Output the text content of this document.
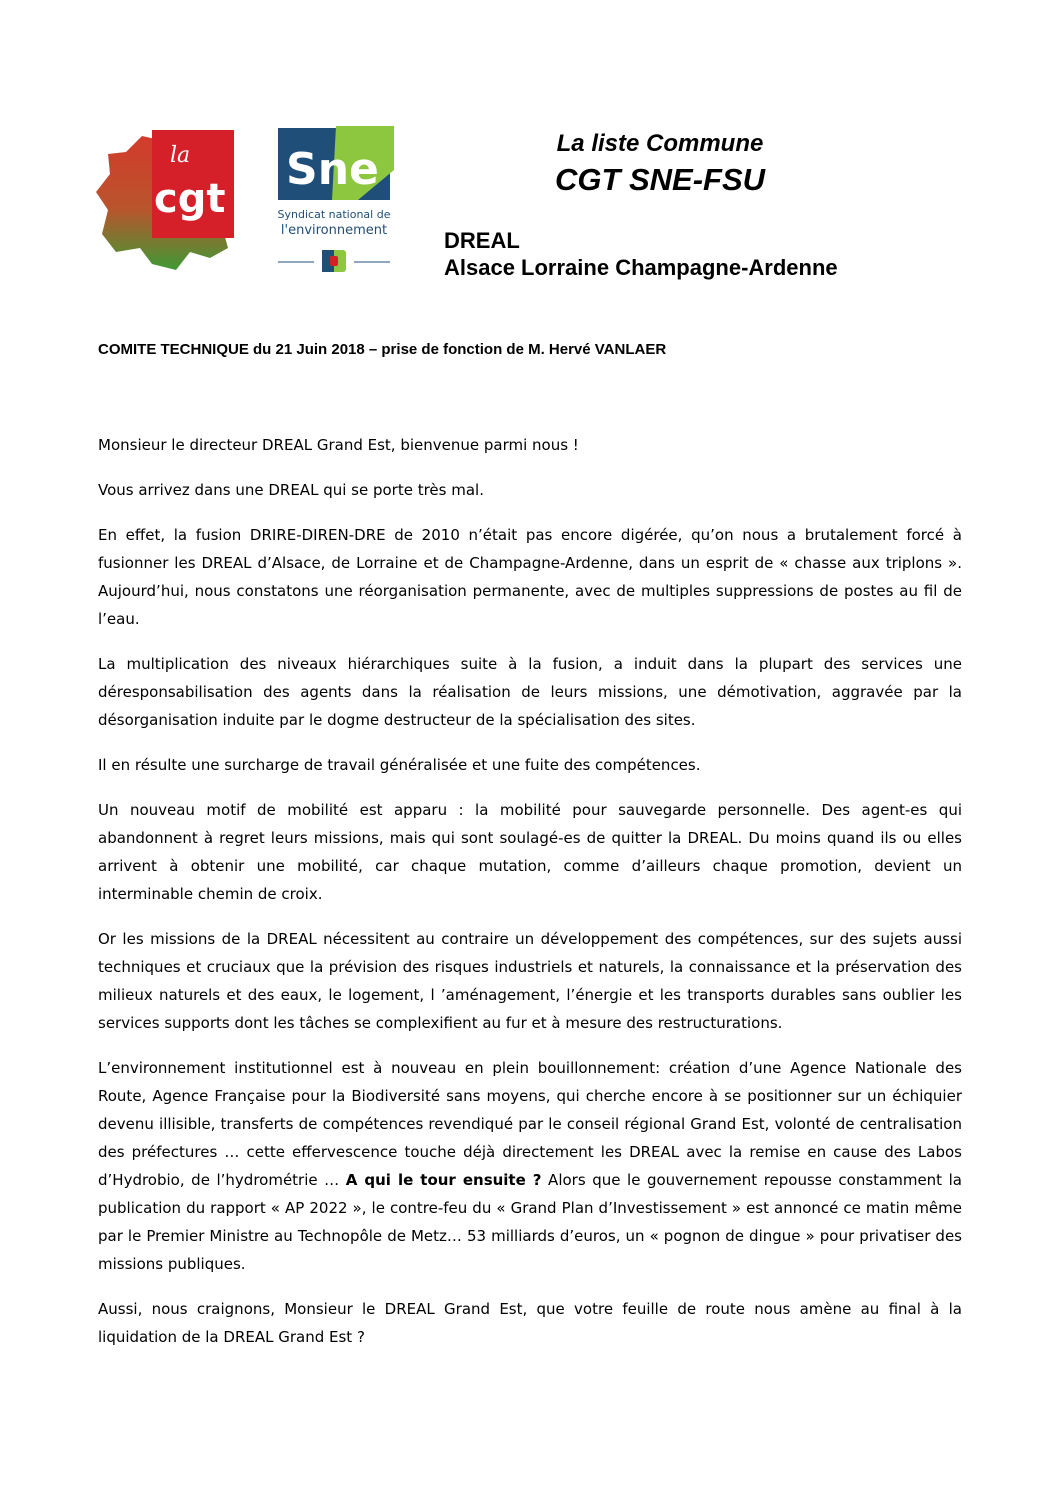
la
cgt
Sne
Syndicat national de
l'environnement
La liste Commune
CGT SNE-FSU
DREAL
Alsace Lorraine Champagne-Ardenne
COMITE TECHNIQUE du 21 Juin 2018 – prise de fonction de M. Hervé VANLAER

Monsieur le directeur DREAL Grand Est, bienvenue parmi nous !

Vous arrivez dans une DREAL qui se porte très mal.

En effet, la fusion DRIRE-DIREN-DRE de 2010 n’était pas encore digérée, qu’on nous a brutalement forcé à fusionner les DREAL d’Alsace, de Lorraine et de Champagne-Ardenne, dans un esprit de « chasse aux triplons ». Aujourd’hui, nous constatons une réorganisation permanente, avec de multiples suppressions de postes au fil de l’eau.

La multiplication des niveaux hiérarchiques suite à la fusion, a induit dans la plupart des services une déresponsabilisation des agents dans la réalisation de leurs missions, une démotivation, aggravée par la désorganisation induite par le dogme destructeur de la spécialisation des sites.

Il en résulte une surcharge de travail généralisée et une fuite des compétences.

Un nouveau motif de mobilité est apparu : la mobilité pour sauvegarde personnelle. Des agent-es qui abandonnent à regret leurs missions, mais qui sont soulagé-es de quitter la DREAL. Du moins quand ils ou elles arrivent à obtenir une mobilité, car chaque mutation, comme d’ailleurs chaque promotion, devient un interminable chemin de croix.

Or les missions de la DREAL nécessitent au contraire un développement des compétences, sur des sujets aussi techniques et cruciaux que la prévision des risques industriels et naturels, la connaissance et la préservation des milieux naturels et des eaux, le logement, l ’aménagement, l’énergie et les transports durables sans oublier les services supports dont les tâches se complexifient au fur et à mesure des restructurations.

L’environnement institutionnel est à nouveau en plein bouillonnement: création d’une Agence Nationale des Route, Agence Française pour la Biodiversité sans moyens, qui cherche encore à se positionner sur un échiquier devenu illisible, transferts de compétences revendiqué par le conseil régional Grand Est, volonté de centralisation des préfectures … cette effervescence touche déjà directement les DREAL avec la remise en cause des Labos d’Hydrobio, de l’hydrométrie … A qui le tour ensuite ? Alors que le gouvernement repousse constamment la publication du rapport « AP 2022 », le contre-feu du « Grand Plan d’Investissement » est annoncé ce matin même par le Premier Ministre au Technopôle de Metz… 53 milliards d’euros, un « pognon de dingue » pour privatiser des missions publiques.

Aussi, nous craignons, Monsieur le DREAL Grand Est, que votre feuille de route nous amène au final à la liquidation de la DREAL Grand Est ?
